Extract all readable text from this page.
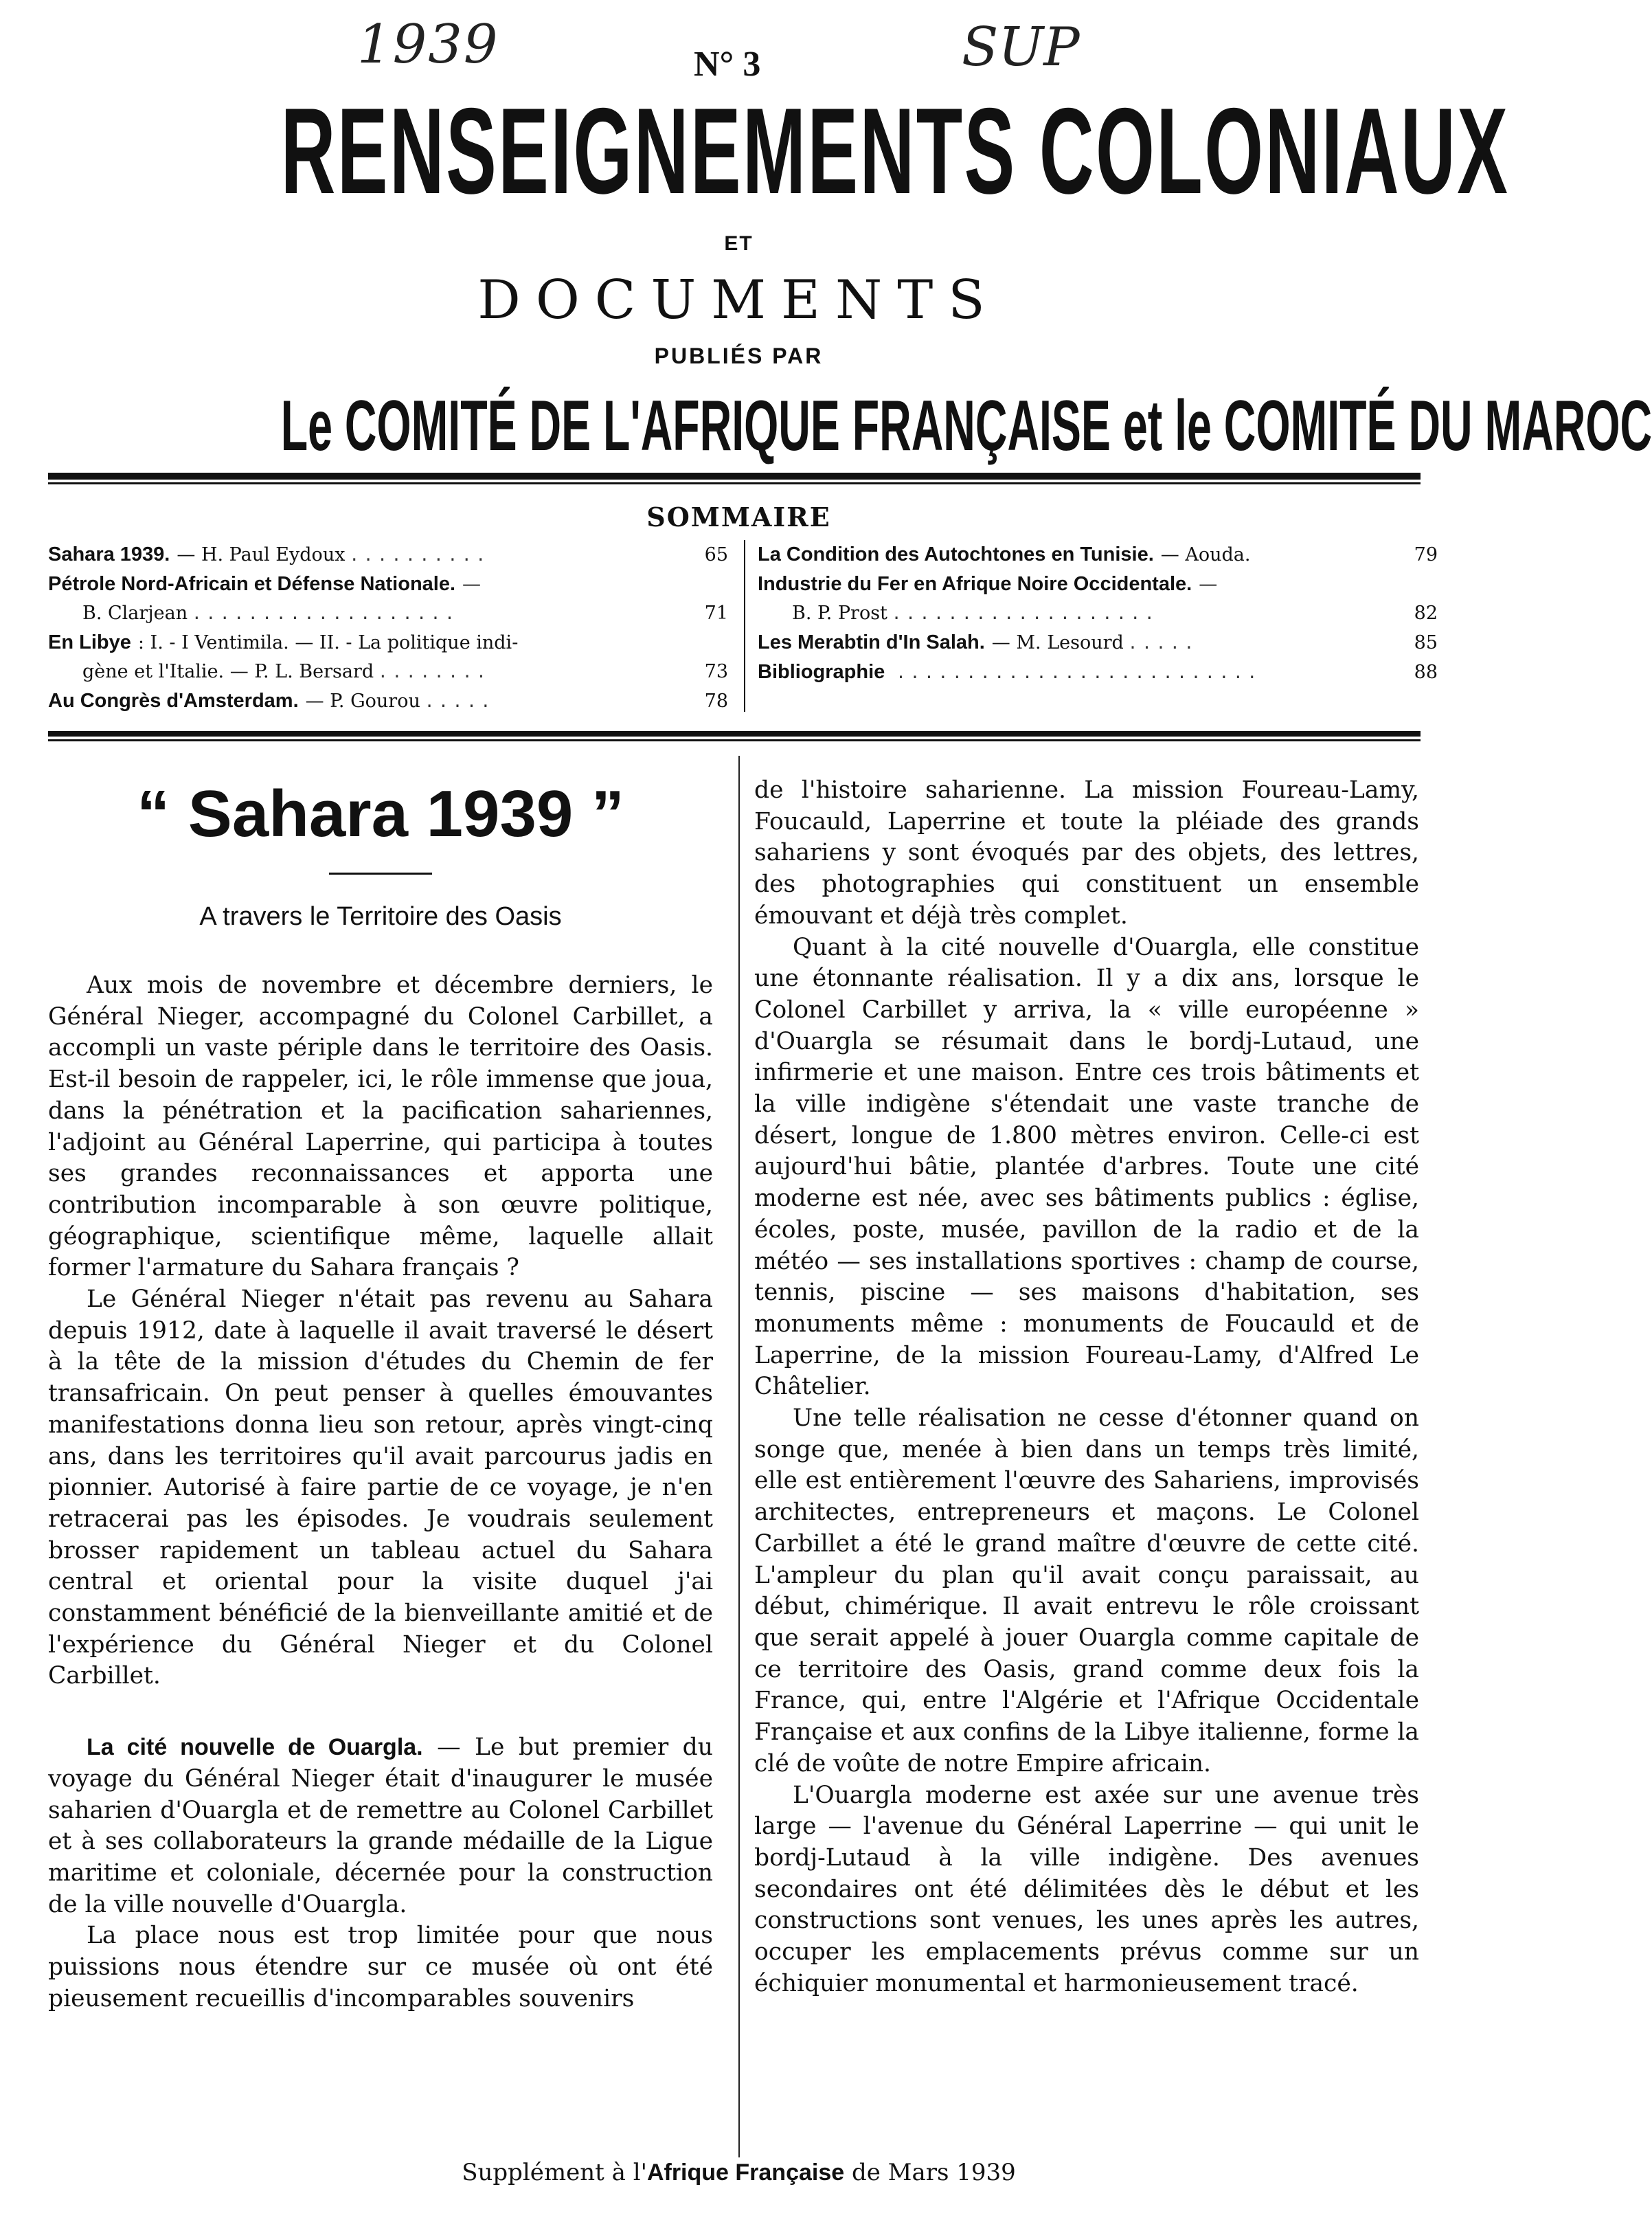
1939	SUP
N° 3
RENSEIGNEMENTS COLONIAUX
ET
DOCUMENTS
PUBLIÉS PAR
Le COMITÉ DE L'AFRIQUE FRANÇAISE et le COMITÉ DU MAROC
SOMMAIRE
Sahara 1939. — H. Paul Eydoux ..........	65
Pétrole Nord-Africain et Défense Nationale. —
B. Clarjean ...................	71
En Libye : I. - I Ventimila. — II. - La politique indi-
gène et l'Italie. — P. L. Bersard ........	73
Au Congrès d'Amsterdam. — P. Gourou .....	78
La Condition des Autochtones en Tunisie. — Aouda.	79
Industrie du Fer en Afrique Noire Occidentale. —
B. P. Prost ...................	82
Les Merabtin d'In Salah. — M. Lesourd .....	85
Bibliographie ..........................	88
“ Sahara 1939 ”
A travers le Territoire des Oasis

Aux mois de novembre et décembre derniers, le Général Nieger, accompagné du Colonel Carbillet, a accompli un vaste périple dans le territoire des Oasis. Est-il besoin de rappeler, ici, le rôle immense que joua, dans la pénétration et la pacification sahariennes, l'adjoint au Général Laperrine, qui participa à toutes ses grandes reconnaissances et apporta une contribution incomparable à son œuvre politique, géographique, scientifique même, laquelle allait former l'armature du Sahara français ?

Le Général Nieger n'était pas revenu au Sahara depuis 1912, date à laquelle il avait traversé le désert à la tête de la mission d'études du Chemin de fer transafricain. On peut penser à quelles émouvantes manifestations donna lieu son retour, après vingt-cinq ans, dans les territoires qu'il avait parcourus jadis en pionnier. Autorisé à faire partie de ce voyage, je n'en retracerai pas les épisodes. Je voudrais seulement brosser rapidement un tableau actuel du Sahara central et oriental pour la visite duquel j'ai constamment bénéficié de la bienveillante amitié et de l'expérience du Général Nieger et du Colonel Carbillet.

La cité nouvelle de Ouargla. — Le but premier du voyage du Général Nieger était d'inaugurer le musée saharien d'Ouargla et de remettre au Colonel Carbillet et à ses collaborateurs la grande médaille de la Ligue maritime et coloniale, décernée pour la construction de la ville nouvelle d'Ouargla.

La place nous est trop limitée pour que nous puissions nous étendre sur ce musée où ont été pieusement recueillis d'incomparables souvenirs

de l'histoire saharienne. La mission Foureau-Lamy, Foucauld, Laperrine et toute la pléiade des grands sahariens y sont évoqués par des objets, des lettres, des photographies qui constituent un ensemble émouvant et déjà très complet.

Quant à la cité nouvelle d'Ouargla, elle constitue une étonnante réalisation. Il y a dix ans, lorsque le Colonel Carbillet y arriva, la « ville européenne » d'Ouargla se résumait dans le bordj-Lutaud, une infirmerie et une maison. Entre ces trois bâtiments et la ville indigène s'étendait une vaste tranche de désert, longue de 1.800 mètres environ. Celle-ci est aujourd'hui bâtie, plantée d'arbres. Toute une cité moderne est née, avec ses bâtiments publics : église, écoles, poste, musée, pavillon de la radio et de la météo — ses installations sportives : champ de course, tennis, piscine — ses maisons d'habitation, ses monuments même : monuments de Foucauld et de Laperrine, de la mission Foureau-Lamy, d'Alfred Le Châtelier.

Une telle réalisation ne cesse d'étonner quand on songe que, menée à bien dans un temps très limité, elle est entièrement l'œuvre des Sahariens, improvisés architectes, entrepreneurs et maçons. Le Colonel Carbillet a été le grand maître d'œuvre de cette cité. L'ampleur du plan qu'il avait conçu paraissait, au début, chimérique. Il avait entrevu le rôle croissant que serait appelé à jouer Ouargla comme capitale de ce territoire des Oasis, grand comme deux fois la France, qui, entre l'Algérie et l'Afrique Occidentale Française et aux confins de la Libye italienne, forme la clé de voûte de notre Empire africain.

L'Ouargla moderne est axée sur une avenue très large — l'avenue du Général Laperrine — qui unit le bordj-Lutaud à la ville indigène. Des avenues secondaires ont été délimitées dès le début et les constructions sont venues, les unes après les autres, occuper les emplacements prévus comme sur un échiquier monumental et harmonieusement tracé.

Supplément à l'Afrique Française de Mars 1939
